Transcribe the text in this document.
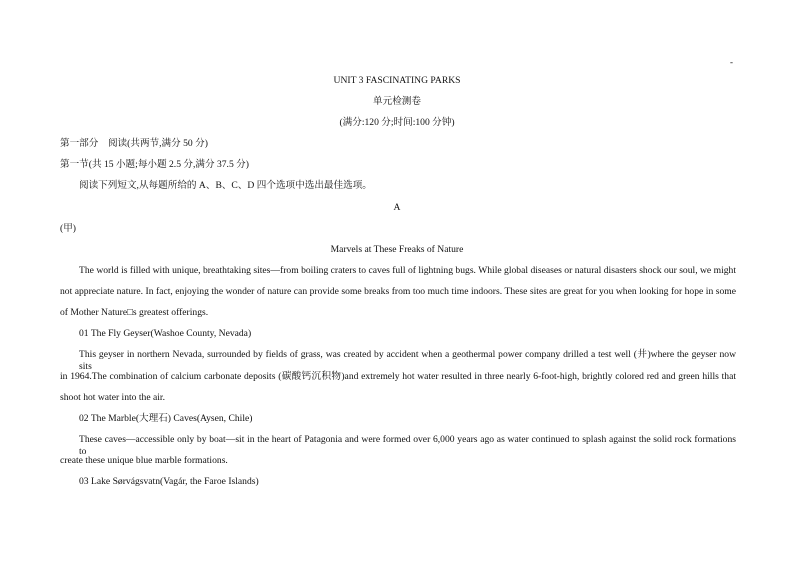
-
UNIT 3 FASCINATING PARKS
单元检测卷
(满分:120 分;时间:100 分钟)
第一部分　阅读(共两节,满分 50 分)
第一节(共 15 小题;每小题 2.5 分,满分 37.5 分)
阅读下列短文,从每题所给的 A、B、C、D 四个选项中选出最佳选项。
A
(甲)
Marvels at These Freaks of Nature
The world is filled with unique, breathtaking sites—from boiling craters to caves full of lightning bugs. While global diseases or natural disasters shock our soul, we might
not appreciate nature. In fact, enjoying the wonder of nature can provide some breaks from too much time indoors. These sites are great for you when looking for hope in some
of Mother Nature□s greatest offerings.
01 The Fly Geyser(Washoe County, Nevada)
This geyser in northern Nevada, surrounded by fields of grass, was created by accident when a geothermal power company drilled a test well (井)where the geyser now sits
in 1964.The combination of calcium carbonate deposits (碳酸钙沉积物)and extremely hot water resulted in three nearly 6-foot-high, brightly colored red and green hills that
shoot hot water into the air.
02 The Marble(大理石) Caves(Aysen, Chile)
These caves—accessible only by boat—sit in the heart of Patagonia and were formed over 6,000 years ago as water continued to splash against the solid rock formations to
create these unique blue marble formations.
03 Lake Sørvágsvatn(Vagár, the Faroe Islands)
